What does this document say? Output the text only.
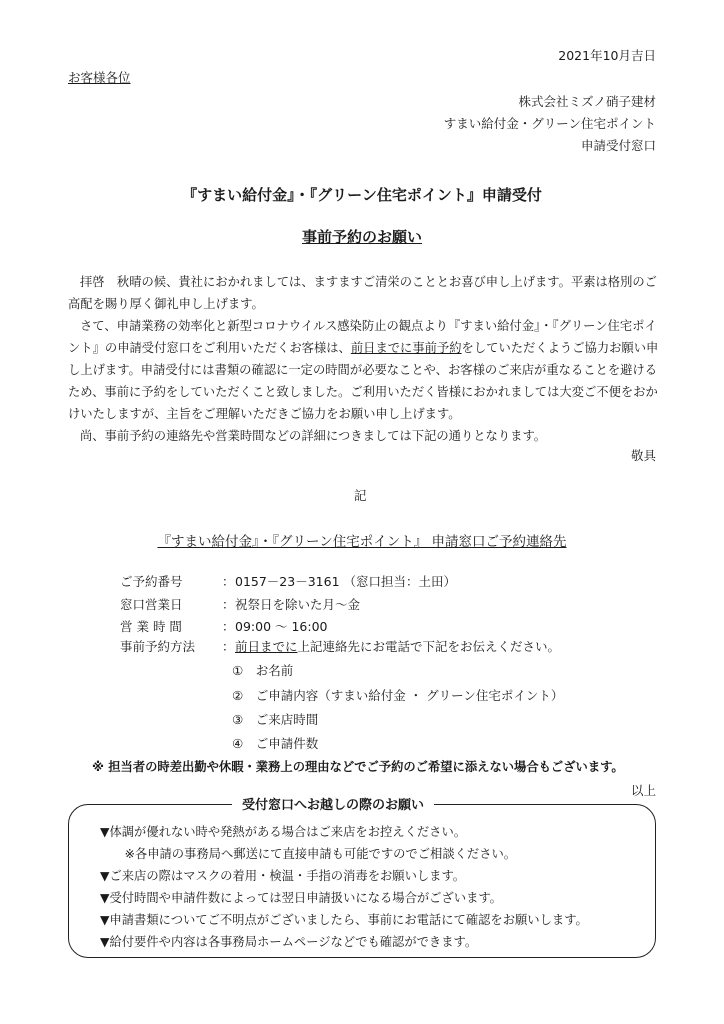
2021年10月吉日
お客様各位
株式会社ミズノ硝子建材
すまい給付金・グリーン住宅ポイント
申請受付窓口
『すまい給付金』・『グリーン住宅ポイント』申請受付
事前予約のお願い

拝啓　秋晴の候、貴社におかれましては、ますますご清栄のこととお喜び申し上げます。平素は格別のご高配を賜り厚く御礼申し上げます。

さて、申請業務の効率化と新型コロナウイルス感染防止の観点より『すまい給付金』・『グリーン住宅ポイント』の申請受付窓口をご利用いただくお客様は、前日までに事前予約をしていただくようご協力お願い申し上げます。申請受付には書類の確認に一定の時間が必要なことや、お客様のご来店が重なることを避けるため、事前に予約をしていただくこと致しました。ご利用いただく皆様におかれましては大変ご不便をおかけいたしますが、主旨をご理解いただきご協力をお願い申し上げます。

尚、事前予約の連絡先や営業時間などの詳細につきましては下記の通りとなります。

敬具
記
『すまい給付金』・『グリーン住宅ポイント』 申請窓口ご予約連絡先
ご予約番号	： 0157－23－3161 （窓口担当：土田）
窓口営業日	： 祝祭日を除いた月～金
営 業 時 間	： 09:00 ～ 16:00
事前予約方法 ： 前日までに上記連絡先にお電話で下記をお伝えください。
①　お名前
②　ご申請内容（すまい給付金 ・ グリーン住宅ポイント）
③　ご来店時間
④　ご申請件数
※ 担当者の時差出勤や休暇・業務上の理由などでご予約のご希望に添えない場合もございます。
以上
受付窓口へお越しの際のお願い
▼体調が優れない時や発熱がある場合はご来店をお控えください。
　　※各申請の事務局へ郵送にて直接申請も可能ですのでご相談ください。
▼ご来店の際はマスクの着用・検温・手指の消毒をお願いします。
▼受付時間や申請件数によっては翌日申請扱いになる場合がございます。
▼申請書類についてご不明点がございましたら、事前にお電話にて確認をお願いします。
▼給付要件や内容は各事務局ホームページなどでも確認ができます。
